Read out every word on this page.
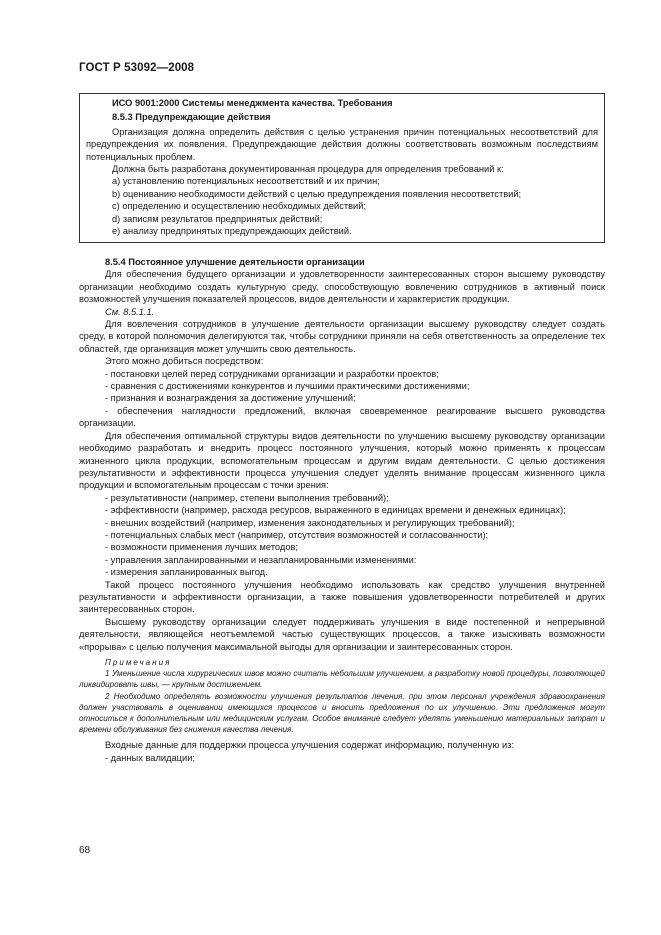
ГОСТ Р 53092—2008

ИСО 9001:2000 Системы менеджмента качества. Требования

8.5.3 Предупреждающие действия

Организация должна определить действия с целью устранения причин потенциальных несоответствий для предупреждения их появления. Предупреждающие действия должны соответствовать возможным последствиям потенциальных проблем.

Должна быть разработана документированная процедура для определения требований к:

a) установлению потенциальных несоответствий и их причин;

b) оцениванию необходимости действий с целью предупреждения появления несоответствий;

c) определению и осуществлению необходимых действий;

d) записям результатов предпринятых действий;

e) анализу предпринятых предупреждающих действий.

8.5.4 Постоянное улучшение деятельности организации

Для обеспечения будущего организации и удовлетворенности заинтересованных сторон высшему руководству организации необходимо создать культурную среду, способствующую вовлечению сотрудников в активный поиск возможностей улучшения показателей процессов, видов деятельности и характеристик продукции.

См. 8.5.1.1.

Для вовлечения сотрудников в улучшение деятельности организации высшему руководству следует создать среду, в которой полномочия делегируются так, чтобы сотрудники приняли на себя ответственность за определение тех областей, где организация может улучшить свою деятельность.

Этого можно добиться посредством:

- постановки целей перед сотрудниками организации и разработки проектов;

- сравнения с достижениями конкурентов и лучшими практическими достижениями;

- признания и вознаграждения за достижение улучшений;

- обеспечения наглядности предложений, включая своевременное реагирование высшего руководства организации.

Для обеспечения оптимальной структуры видов деятельности по улучшению высшему руководству организации необходимо разработать и внедрить процесс постоянного улучшения, который можно применять к процессам жизненного цикла продукции, вспомогательным процессам и другим видам деятельности. С целью достижения результативности и эффективности процесса улучшения следует уделять внимание процессам жизненного цикла продукции и вспомогательным процессам с точки зрения:

- результативности (например, степени выполнения требований);

- эффективности (например, расхода ресурсов, выраженного в единицах времени и денежных единицах);

- внешних воздействий (например, изменения законодательных и регулирующих требований);

- потенциальных слабых мест (например, отсутствия возможностей и согласованности);

- возможности применения лучших методов;

- управления запланированными и незапланированными изменениями:

- измерения запланированных выгод.

Такой процесс постоянного улучшения необходимо использовать как средство улучшения внутренней результативности и эффективности организации, а также повышения удовлетворенности потребителей и других заинтересованных сторон.

Высшему руководству организации следует поддерживать улучшения в виде постепенной и непрерывной деятельности, являющейся неотъемлемой частью существующих процессов, а также изыскивать возможности «прорыва» с целью получения максимальной выгоды для организации и заинтересованных сторон.

Примечания

1 Уменьшение числа хирургических швов можно считать небольшим улучшением, а разработку новой процедуры, позволяющей ликвидировать швы, — крупным достижением.

2 Необходимо определять возможности улучшения результатов лечения, при этом персонал учреждения здравоохранения должен участвовать в оценивании имеющихся процессов и вносить предложения по их улучшению. Эти предложения могут относиться к дополнительным или медицинским услугам. Особое внимание следует уделять уменьшению материальных затрат и времени обслуживания без снижения качества лечения.

Входные данные для поддержки процесса улучшения содержат информацию, полученную из:

- данных валидации;

68
